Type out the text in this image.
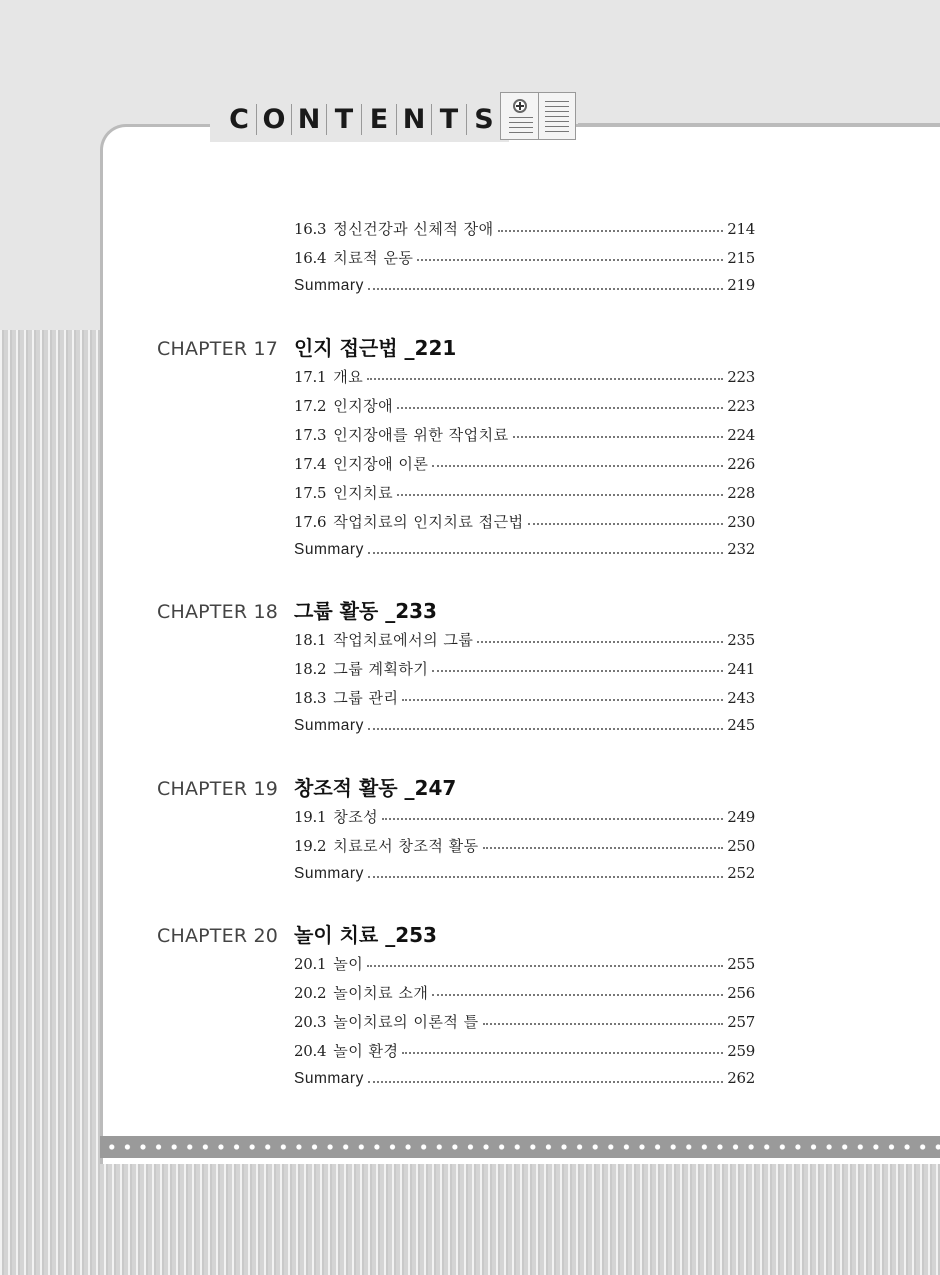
C O N T E N T S
16.3 정신건강과 신체적 장애	214
16.4 치료적 운동	215
Summary	219
CHAPTER 17 인지 접근법 _221
17.1 개요	223
17.2 인지장애	223
17.3 인지장애를 위한 작업치료	224
17.4 인지장애 이론	226
17.5 인지치료	228
17.6 작업치료의 인지치료 접근법	230
Summary	232
CHAPTER 18 그룹 활동 _233
18.1 작업치료에서의 그룹	235
18.2 그룹 계획하기	241
18.3 그룹 관리	243
Summary	245
CHAPTER 19 창조적 활동 _247
19.1 창조성	249
19.2 치료로서 창조적 활동	250
Summary	252
CHAPTER 20 놀이 치료 _253
20.1 놀이	255
20.2 놀이치료 소개	256
20.3 놀이치료의 이론적 틀	257
20.4 놀이 환경	259
Summary	262
